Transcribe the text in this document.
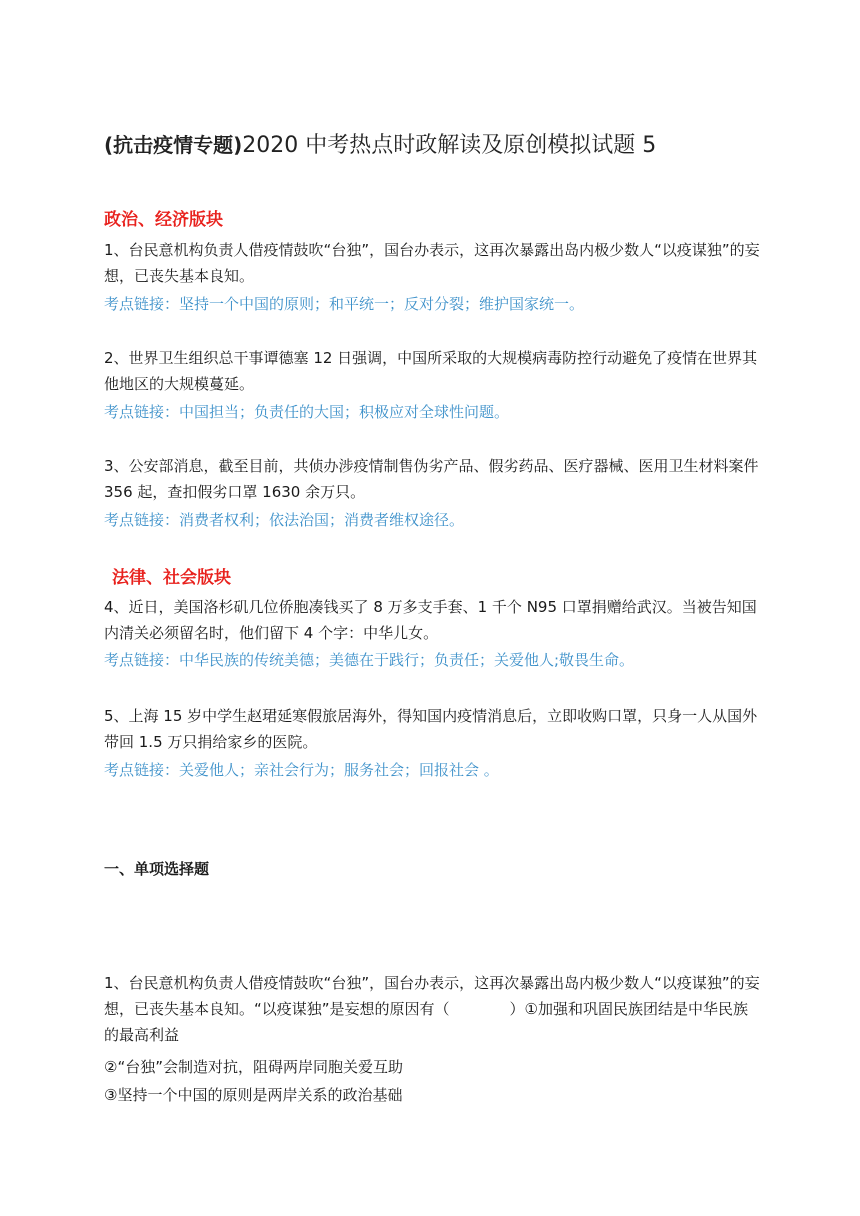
(抗击疫情专题)2020 中考热点时政解读及原创模拟试题 5
政治、经济版块
1、台民意机构负责人借疫情鼓吹“台独”，国台办表示，这再次暴露出岛内极少数人“以疫谋独”的妄想，已丧失基本良知。
考点链接：坚持一个中国的原则；和平统一；反对分裂；维护国家统一。
2、世界卫生组织总干事谭德塞 12 日强调，中国所采取的大规模病毒防控行动避免了疫情在世界其他地区的大规模蔓延。
考点链接：中国担当；负责任的大国；积极应对全球性问题。
3、公安部消息，截至目前，共侦办涉疫情制售伪劣产品、假劣药品、医疗器械、医用卫生材料案件 356 起，查扣假劣口罩 1630 余万只。
考点链接：消费者权利；依法治国；消费者维权途径。
法律、社会版块
4、近日，美国洛杉矶几位侨胞凑钱买了 8 万多支手套、1 千个 N95 口罩捐赠给武汉。当被告知国内清关必须留名时，他们留下 4 个字：中华儿女。
考点链接：中华民族的传统美德；美德在于践行；负责任；关爱他人;敬畏生命。
5、上海 15 岁中学生赵珺延寒假旅居海外，得知国内疫情消息后，立即收购口罩，只身一人从国外带回 1.5 万只捐给家乡的医院。
考点链接：关爱他人；亲社会行为；服务社会；回报社会 。
一、单项选择题
1、台民意机构负责人借疫情鼓吹“台独”，国台办表示，这再次暴露出岛内极少数人“以疫谋独”的妄想，已丧失基本良知。“以疫谋独”是妄想的原因有（　　　　）①加强和巩固民族团结是中华民族的最高利益
②“台独”会制造对抗，阻碍两岸同胞关爱互助
③坚持一个中国的原则是两岸关系的政治基础
